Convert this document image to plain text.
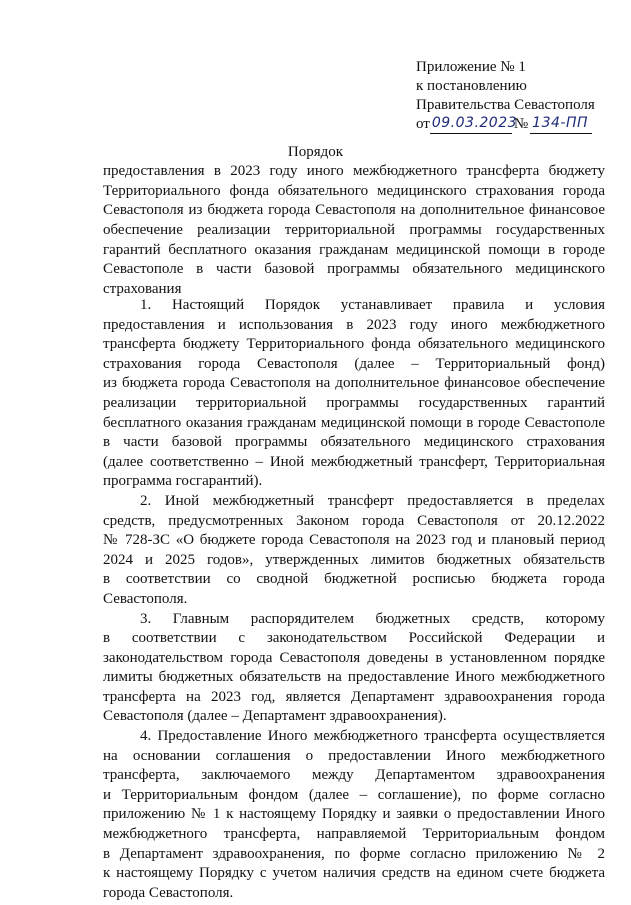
Приложение № 1
к постановлению
Правительства Севастополя
от 09.03.2023
№ 134-ПП
Порядок
предоставления в 2023 году иного межбюджетного трансферта бюджету
Территориального фонда обязательного медицинского страхования города
Севастополя из бюджета города Севастополя на дополнительное финансовое
обеспечение реализации территориальной программы государственных
гарантий бесплатного оказания гражданам медицинской помощи в городе
Севастополе в части базовой программы обязательного медицинского
страхования
1. Настоящий Порядок устанавливает правила и условия
предоставления и использования в 2023 году иного межбюджетного
трансферта бюджету Территориального фонда обязательного медицинского
страхования города Севастополя (далее – Территориальный фонд)
из бюджета города Севастополя на дополнительное финансовое обеспечение
реализации территориальной программы государственных гарантий
бесплатного оказания гражданам медицинской помощи в городе Севастополе
в части базовой программы обязательного медицинского страхования
(далее соответственно – Иной межбюджетный трансферт, Территориальная
программа госгарантий).
2. Иной межбюджетный трансферт предоставляется в пределах
средств, предусмотренных Законом города Севастополя от 20.12.2022
№ 728-ЗС «О бюджете города Севастополя на 2023 год и плановый период
2024 и 2025 годов», утвержденных лимитов бюджетных обязательств
в соответствии со сводной бюджетной росписью бюджета города
Севастополя.
3. Главным распорядителем бюджетных средств, которому
в соответствии с законодательством Российской Федерации и
законодательством города Севастополя доведены в установленном порядке
лимиты бюджетных обязательств на предоставление Иного межбюджетного
трансферта на 2023 год, является Департамент здравоохранения города
Севастополя (далее – Департамент здравоохранения).
4. Предоставление Иного межбюджетного трансферта осуществляется
на основании соглашения о предоставлении Иного межбюджетного
трансферта, заключаемого между Департаментом здравоохранения
и Территориальным фондом (далее – соглашение), по форме согласно
приложению № 1 к настоящему Порядку и заявки о предоставлении Иного
межбюджетного трансферта, направляемой Территориальным фондом
в Департамент здравоохранения, по форме согласно приложению № 2
к настоящему Порядку с учетом наличия средств на едином счете бюджета
города Севастополя.
